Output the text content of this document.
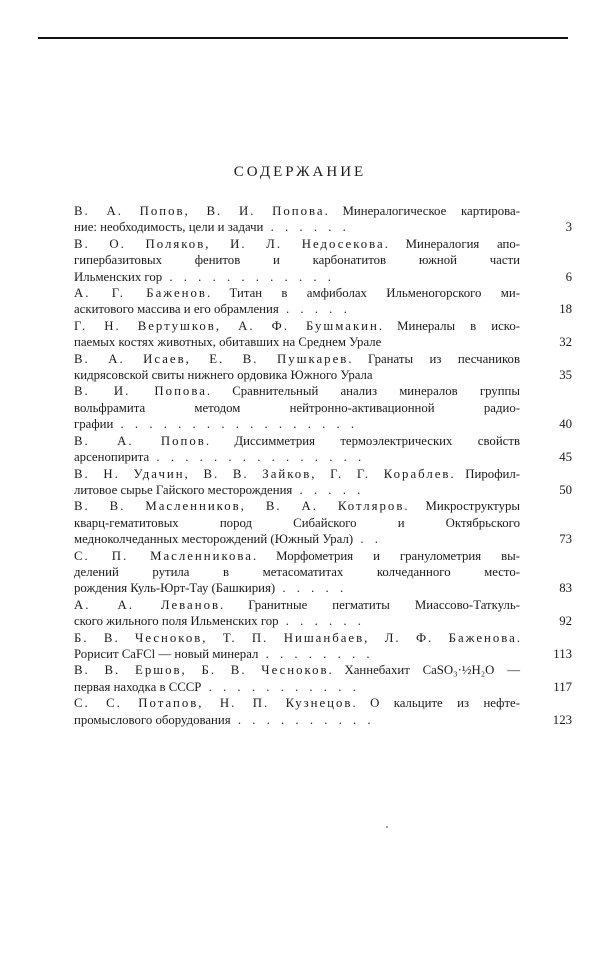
СОДЕРЖАНИЕ
В. А. Попов, В. И. Попова. Минералогическое картирова-
ние: необходимость, цели и задачи . . . . . .	3
В. О. Поляков, И. Л. Недосекова. Минералогия апо-
гипербазитовых фенитов и карбонатитов южной части
Ильменских гор . . . . . . . . . . . .	6
А. Г. Баженов. Титан в амфиболах Ильменогорского ми-
аскитового массива и его обрамления . . . . .	18
Г. Н. Вертушков, А. Ф. Бушмакин. Минералы в иско-
паемых костях животных, обитавших на Среднем Урале	32
В. А. Исаев, Е. В. Пушкарев. Гранаты из песчаников
кидрясовской свиты нижнего ордовика Южного Урала	35
В. И. Попова. Сравнительный анализ минералов группы
вольфрамита методом нейтронно-активационной радио-
графии . . . . . . . . . . . . . . . . .	40
В. А. Попов. Диссимметрия термоэлектрических свойств
арсенопирита . . . . . . . . . . . . . . .	45
В. Н. Удачин, В. В. Зайков, Г. Г. Кораблев. Пирофил-
литовое сырье Гайского месторождения . . . . .	50
В. В. Масленников, В. А. Котляров. Микроструктуры
кварц-гематитовых пород Сибайского и Октябрьского
медноколчеданных месторождений (Южный Урал) . .	73
С. П. Масленникова. Морфометрия и гранулометрия вы-
делений рутила в метасоматитах колчеданного место-
рождения Куль-Юрт-Тау (Башкирия) . . . . .	83
А. А. Леванов. Гранитные пегматиты Миассово-Таткуль-
ского жильного поля Ильменских гор . . . . . .	92
Б. В. Чесноков, Т. П. Нишанбаев, Л. Ф. Баженова.
Рорисит CaFCl — новый минерал . . . . . . . .	113
В. В. Ершов, Б. В. Чесноков. Ханнебахит CaSO₃·½H₂O —
первая находка в СССР . . . . . . . . . . .	117
С. С. Потапов, Н. П. Кузнецов. О кальците из нефте-
промыслового оборудования . . . . . . . . . .	123
